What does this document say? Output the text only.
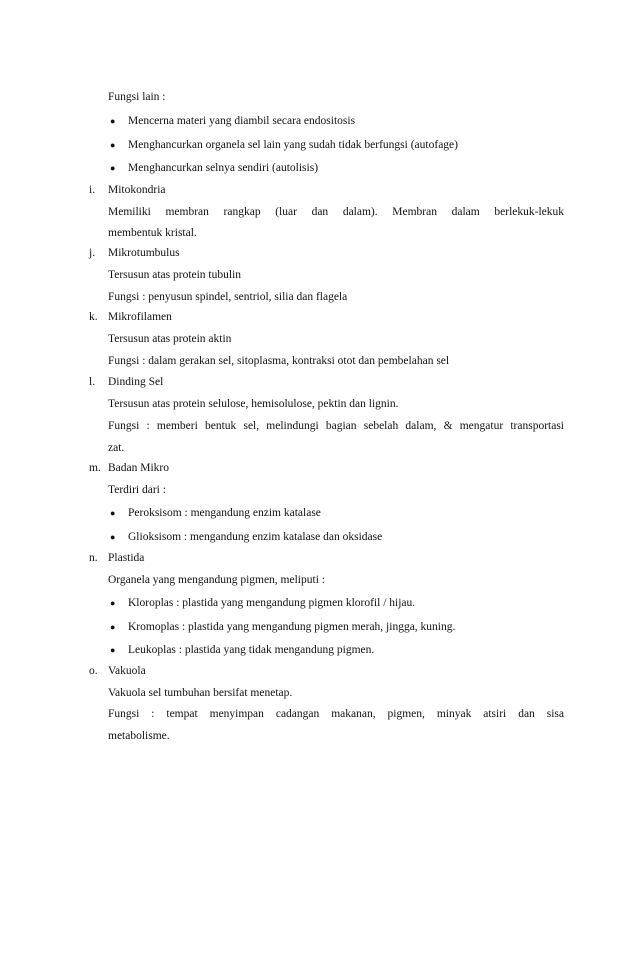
Fungsi lain :
● Mencerna materi yang diambil secara endositosis
● Menghancurkan organela sel lain yang sudah tidak berfungsi (autofage)
● Menghancurkan selnya sendiri (autolisis)
i. Mitokondria
Memiliki membran rangkap (luar dan dalam). Membran dalam berlekuk-lekuk
membentuk kristal.
j. Mikrotumbulus
Tersusun atas protein tubulin
Fungsi : penyusun spindel, sentriol, silia dan flagela
k. Mikrofilamen
Tersusun atas protein aktin
Fungsi : dalam gerakan sel, sitoplasma, kontraksi otot dan pembelahan sel
l. Dinding Sel
Tersusun atas protein selulose, hemisolulose, pektin dan lignin.
Fungsi : memberi bentuk sel, melindungi bagian sebelah dalam, & mengatur transportasi
zat.
m. Badan Mikro
Terdiri dari :
● Peroksisom : mengandung enzim katalase
● Glioksisom : mengandung enzim katalase dan oksidase
n. Plastida
Organela yang mengandung pigmen, meliputi :
● Kloroplas : plastida yang mengandung pigmen klorofil / hijau.
● Kromoplas : plastida yang mengandung pigmen merah, jingga, kuning.
● Leukoplas : plastida yang tidak mengandung pigmen.
o. Vakuola
Vakuola sel tumbuhan bersifat menetap.
Fungsi : tempat menyimpan cadangan makanan, pigmen, minyak atsiri dan sisa
metabolisme.
